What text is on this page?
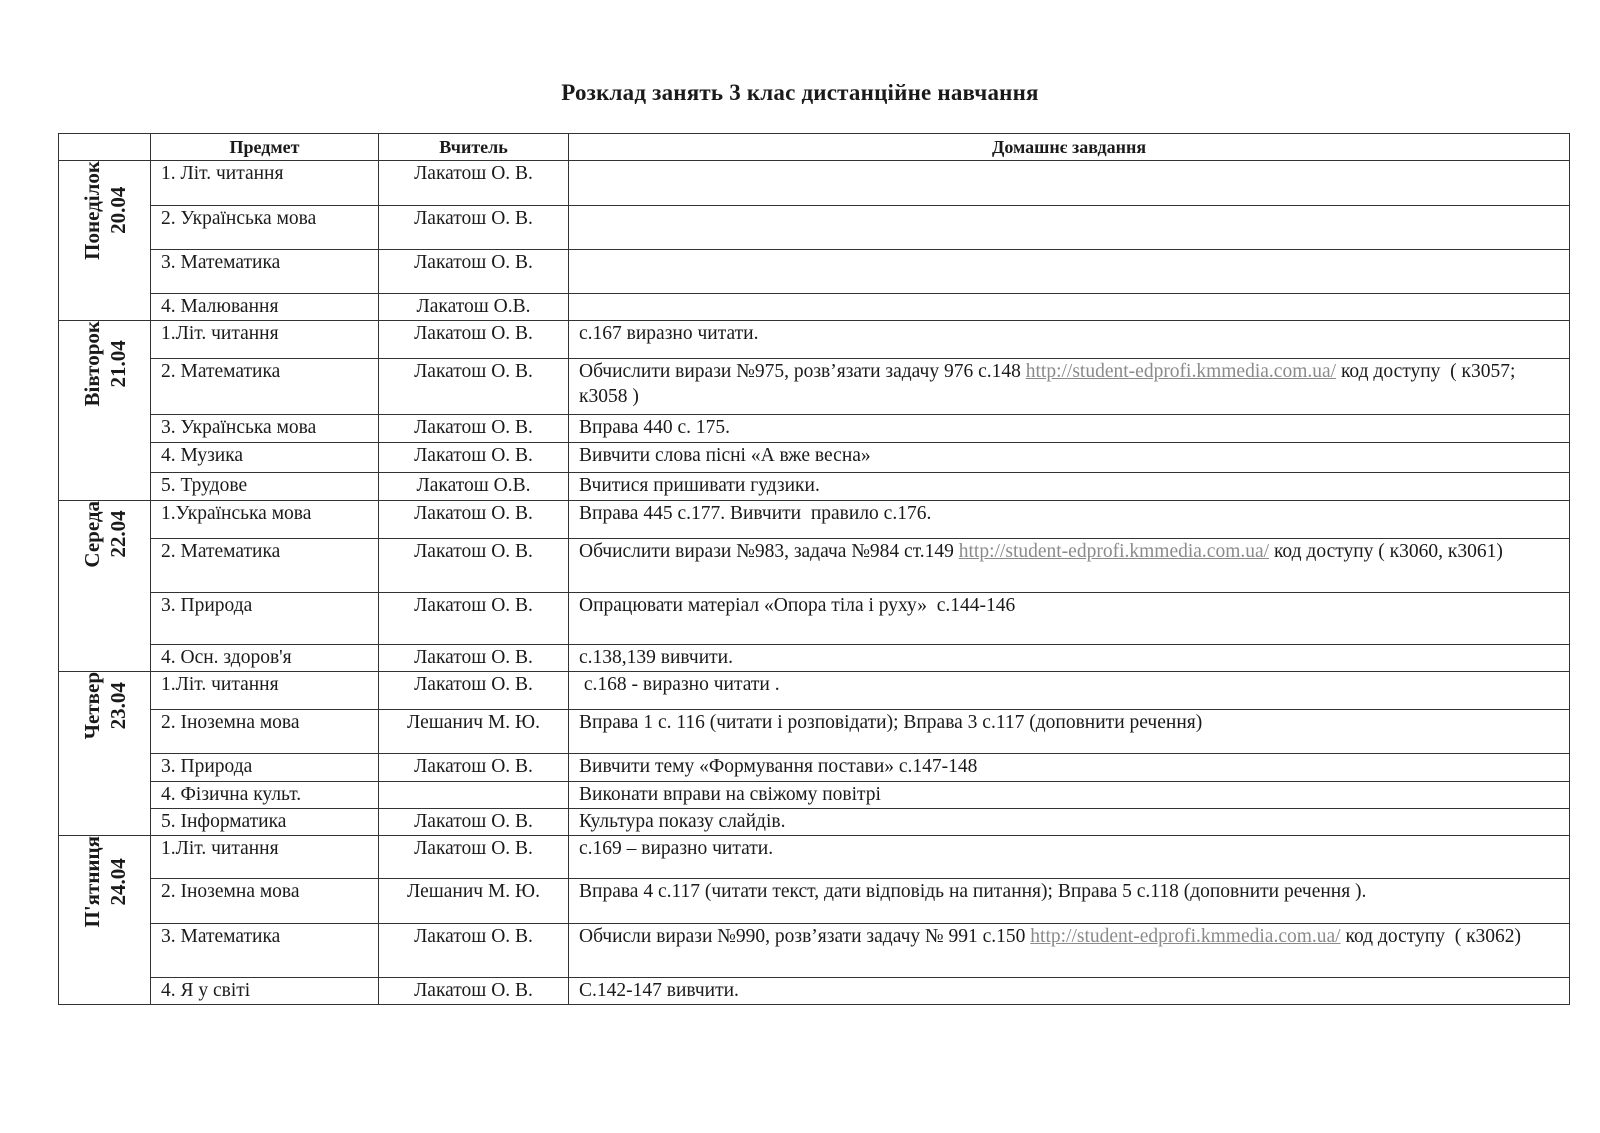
Розклад занять 3 клас дистанційне навчання
	Предмет	Вчитель	Домашнє завдання

Понеділок 20.04	1. Літ. читання	Лакатош О. В.	
	2. Українська мова	Лакатош О. В.	
	3. Математика	Лакатош О. В.	
	4. Малювання	Лакатош О.В.	

Вівторок 21.04	1.Літ. читання	Лакатош О. В.	с.167 виразно читати.
	2. Математика	Лакатош О. В.	Обчислити вирази №975, розв’язати задачу 976 с.148 http://student-edprofi.kmmedia.com.ua/ код доступу  ( к3057; к3058 )
	3. Українська мова	Лакатош О. В.	Вправа 440 с. 175.
	4. Музика	Лакатош О. В.	Вивчити слова пісні «А вже весна»
	5. Трудове	Лакатош О.В.	Вчитися пришивати гудзики.

Середа 22.04	1.Українська мова	Лакатош О. В.	Вправа 445 с.177. Вивчити  правило с.176.
	2. Математика	Лакатош О. В.	Обчислити вирази №983, задача №984 ст.149 http://student-edprofi.kmmedia.com.ua/ код доступу ( к3060, к3061)
	3. Природа	Лакатош О. В.	Опрацювати матеріал «Опора тіла і руху»  с.144-146
	4. Осн. здоров'я	Лакатош О. В.	с.138,139 вивчити.

Четвер 23.04	1.Літ. читання	Лакатош О. В.	с.168 - виразно читати .
	2. Іноземна мова	Лешанич М. Ю.	Вправа 1 с. 116 (читати і розповідати); Вправа 3 с.117 (доповнити речення)
	3. Природа	Лакатош О. В.	Вивчити тему «Формування постави» с.147-148
	4. Фізична культ.		Виконати вправи на свіжому повітрі
	5. Інформатика	Лакатош О. В.	Культура показу слайдів.

П'ятниця 24.04	1.Літ. читання	Лакатош О. В.	с.169 – виразно читати.
	2. Іноземна мова	Лешанич М. Ю.	Вправа 4 с.117 (читати текст, дати відповідь на питання); Вправа 5 с.118 (доповнити речення ).
	3. Математика	Лакатош О. В.	Обчисли вирази №990, розв’язати задачу № 991 с.150 http://student-edprofi.kmmedia.com.ua/ код доступу  ( к3062)
	4. Я у світі	Лакатош О. В.	С.142-147 вивчити.
